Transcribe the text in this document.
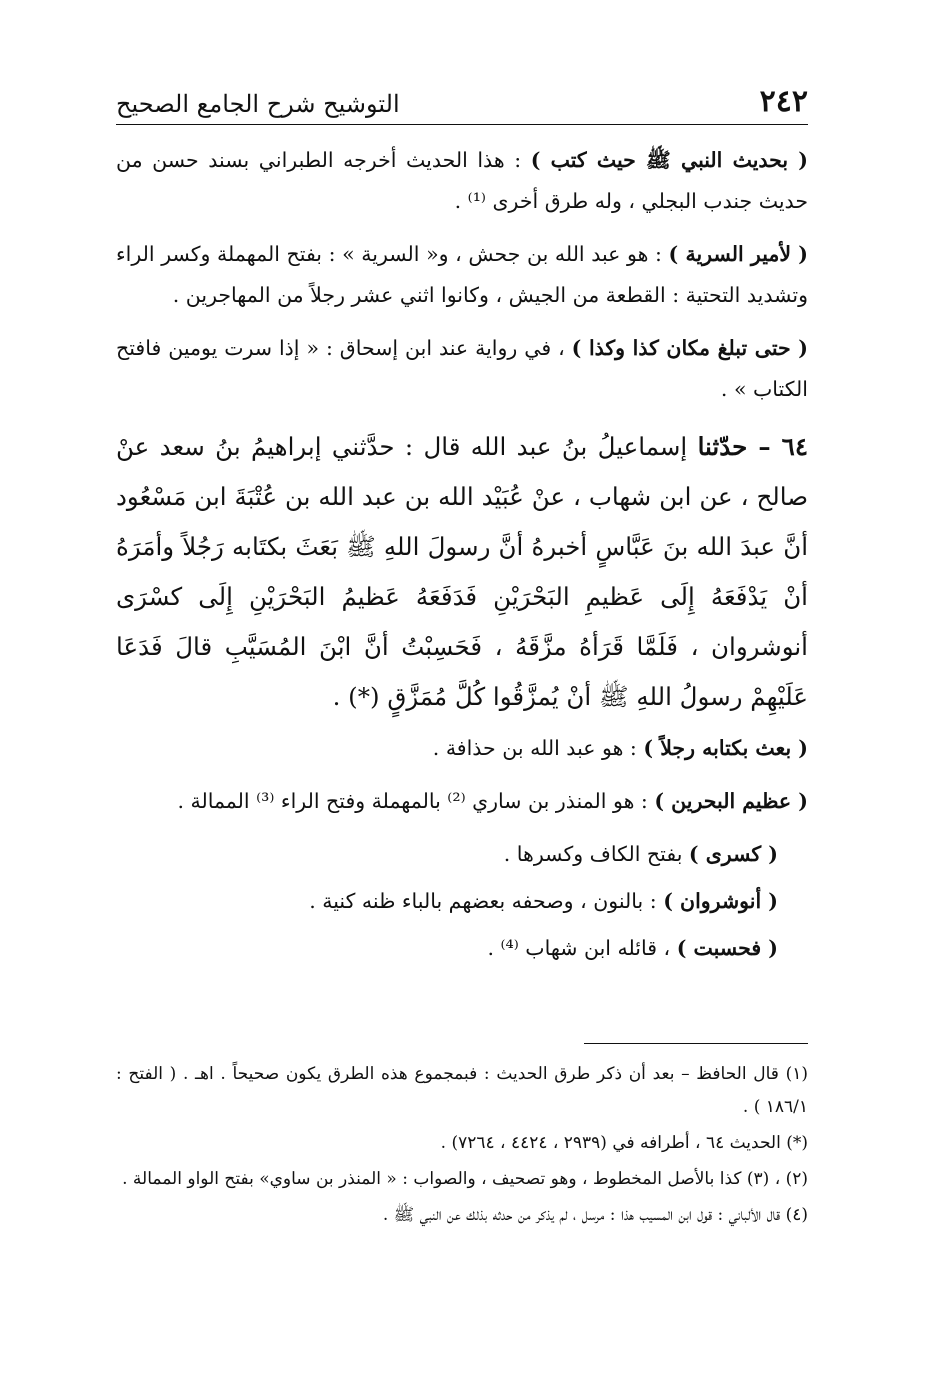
٢٤٢
التوشيح شرح الجامع الصحيح

( بحديث النبي ﷺ حيث كتب ) : هذا الحديث أخرجه الطبراني بسند حسن من حديث جندب البجلي ، وله طرق أخرى ⁽¹⁾ .

( لأمير السرية ) : هو عبد الله بن جحش ، و« السرية » : بفتح المهملة وكسر الراء وتشديد التحتية : القطعة من الجيش ، وكانوا اثني عشر رجلاً من المهاجرين .

( حتى تبلغ مكان كذا وكذا ) ، في رواية عند ابن إسحاق : « إذا سرت يومين فافتح الكتاب » .

٦٤ – حدّثنا إسماعيلُ بنُ عبد الله قال : حدَّثني إبراهيمُ بنُ سعد عنْ صالح ، عن ابن شهاب ، عنْ عُبَيْد الله بن عبد الله بن عُتْبَةَ ابن مَسْعُود أنَّ عبدَ الله بنَ عَبَّاسٍ أخبرهُ أنَّ رسولَ اللهِ ﷺ بَعَثَ بكتَابه رَجُلاً وأمَرَهُ أنْ يَدْفَعَهُ إِلَى عَظيمِ البَحْرَيْنِ فَدَفَعَهُ عَظيمُ البَحْرَيْنِ إِلَى كسْرَى أنوشروان ، فَلَمَّا قَرَأهُ مزَّقَهُ ، فَحَسِبْتُ أنَّ ابْنَ المُسَيَّبِ قالَ فَدَعَا عَلَيْهِمْ رسولُ اللهِ ﷺ أنْ يُمزَّقُوا كُلَّ مُمَزَّقٍ (*) .

( بعث بكتابه رجلاً ) : هو عبد الله بن حذافة .

( عظيم البحرين ) : هو المنذر بن ساري ⁽²⁾ بالمهملة وفتح الراء ⁽³⁾ الممالة .

( كسرى ) بفتح الكاف وكسرها .

( أنوشروان ) : بالنون ، وصحفه بعضهم بالباء ظنه كنية .

( فحسبت ) ، قائله ابن شهاب ⁽⁴⁾ .

(١) قال الحافظ – بعد أن ذكر طرق الحديث : فبمجموع هذه الطرق يكون صحيحاً . اهـ . ( الفتح : ١٨٦/١ ) .

(*) الحديث ٦٤ ، أطرافه في (٢٩٣٩ ، ٤٤٢٤ ، ٧٢٦٤) .

(٢) ، (٣) كذا بالأصل المخطوط ، وهو تصحيف ، والصواب : « المنذر بن ساوي» بفتح الواو الممالة .

(٤) قال الألباني : قول ابن المسيب هذا : مرسل ، لم يذكر من حدثه بذلك عن النبي ﷺ .
